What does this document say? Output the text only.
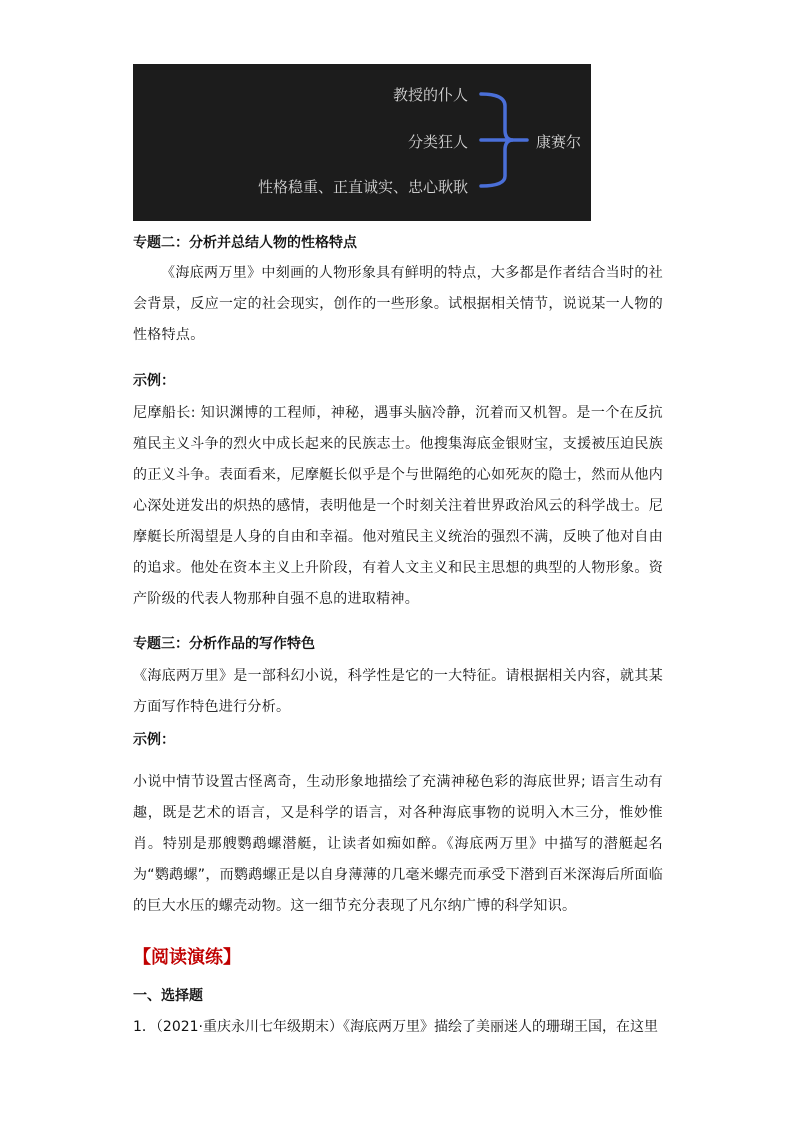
教授的仆人
分类狂人
性格稳重、正直诚实、忠心耿耿
康赛尔
专题二：分析并总结人物的性格特点

《海底两万里》中刻画的人物形象具有鲜明的特点，大多都是作者结合当时的社会背景，反应一定的社会现实，创作的一些形象。试根据相关情节，说说某一人物的性格特点。

示例：

尼摩船长: 知识渊博的工程师，神秘，遇事头脑冷静，沉着而又机智。是一个在反抗殖民主义斗争的烈火中成长起来的民族志士。他搜集海底金银财宝，支援被压迫民族的正义斗争。表面看来，尼摩艇长似乎是个与世隔绝的心如死灰的隐士，然而从他内心深处迸发出的炽热的感情，表明他是一个时刻关注着世界政治风云的科学战士。尼摩艇长所渴望是人身的自由和幸福。他对殖民主义统治的强烈不满，反映了他对自由的追求。他处在资本主义上升阶段，有着人文主义和民主思想的典型的人物形象。资产阶级的代表人物那种自强不息的进取精神。

专题三：分析作品的写作特色

《海底两万里》是一部科幻小说，科学性是它的一大特征。请根据相关内容，就其某方面写作特色进行分析。

示例：

小说中情节设置古怪离奇，生动形象地描绘了充满神秘色彩的海底世界; 语言生动有趣，既是艺术的语言，又是科学的语言，对各种海底事物的说明入木三分，惟妙惟肖。特别是那艘鹦鹉螺潜艇，让读者如痴如醉。《海底两万里》中描写的潜艇起名为“鹦鹉螺”，而鹦鹉螺正是以自身薄薄的几毫米螺壳而承受下潜到百米深海后所面临的巨大水压的螺壳动物。这一细节充分表现了凡尔纳广博的科学知识。

【阅读演练】
一、选择题
1．（2021·重庆永川七年级期末）《海底两万里》描绘了美丽迷人的珊瑚王国，在这里
